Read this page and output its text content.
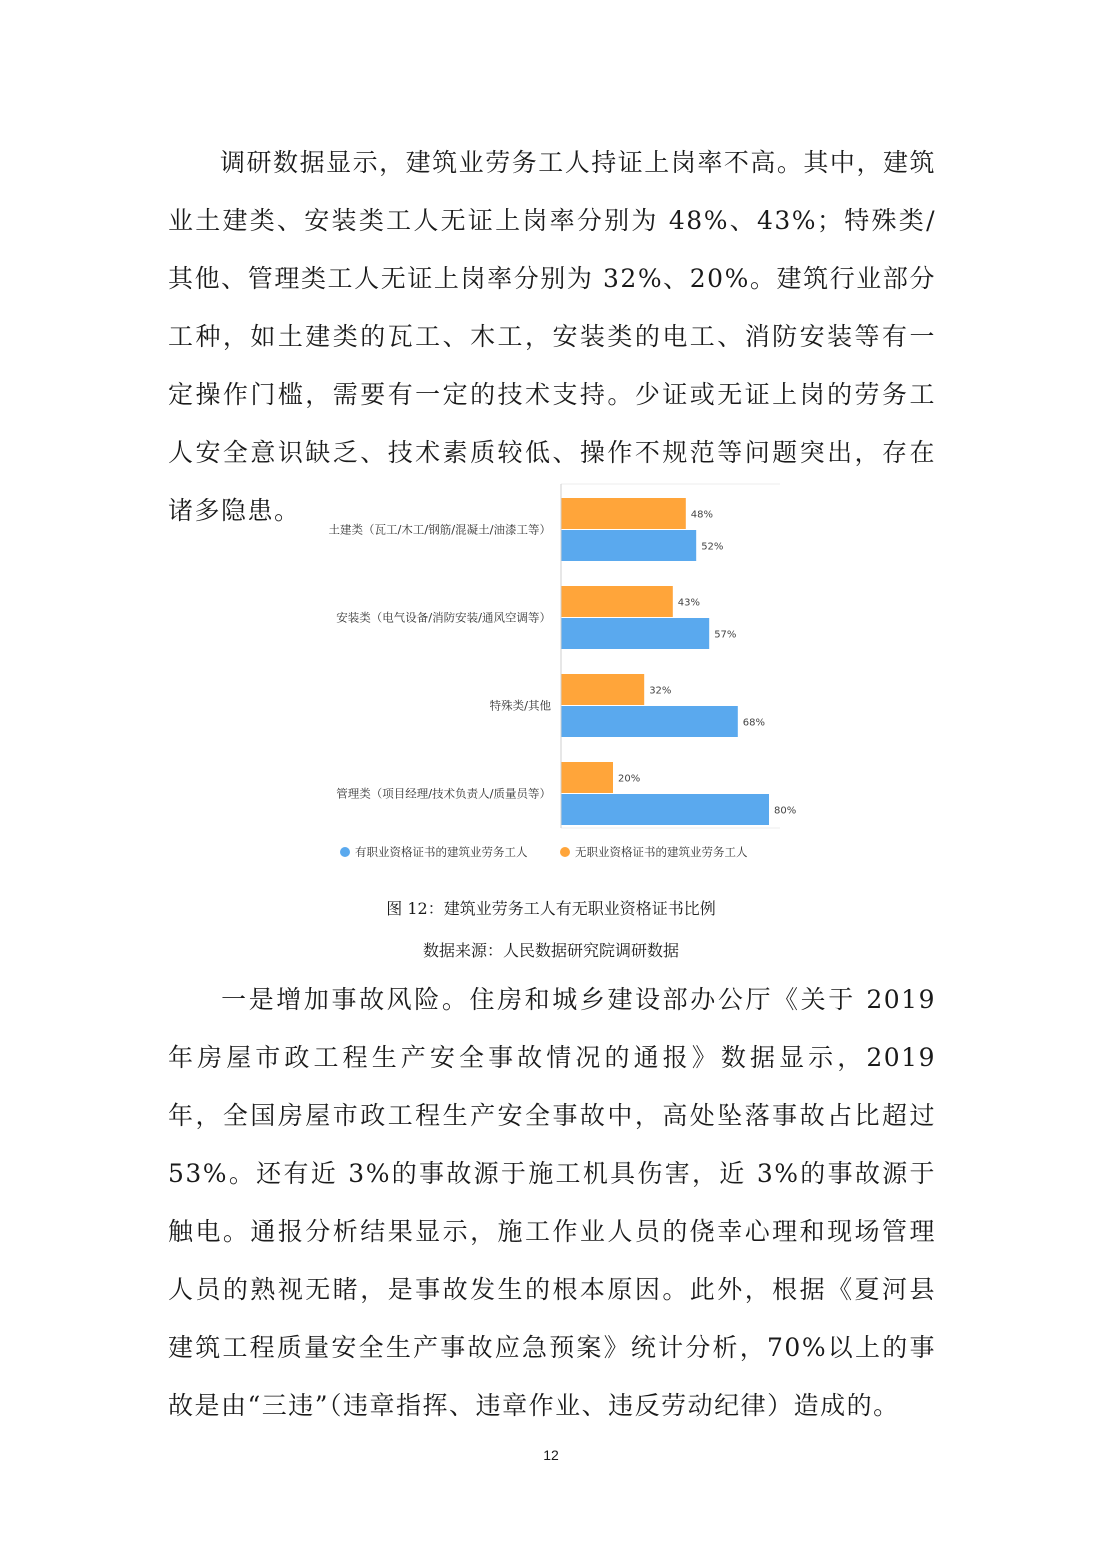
调研数据显示，建筑业劳务工人持证上岗率不高。其中，建筑业土建类、安装类工人无证上岗率分别为 48%、43%；特殊类/其他、管理类工人无证上岗率分别为 32%、20%。建筑行业部分工种，如土建类的瓦工、木工，安装类的电工、消防安装等有一定操作门槛，需要有一定的技术支持。少证或无证上岗的劳务工人安全意识缺乏、技术素质较低、操作不规范等问题突出，存在诸多隐患。

土建类（瓦工/木工/钢筋/混凝土/油漆工等）
48%
52%
安装类（电气设备/消防安装/通风空调等）
43%
57%
特殊类/其他
32%
68%
管理类（项目经理/技术负责人/质量员等）
20%
80%
有职业资格证书的建筑业劳务工人	无职业资格证书的建筑业劳务工人
图 12：建筑业劳务工人有无职业资格证书比例
数据来源：人民数据研究院调研数据

一是增加事故风险。住房和城乡建设部办公厅《关于 2019 年房屋市政工程生产安全事故情况的通报》数据显示，2019 年，全国房屋市政工程生产安全事故中，高处坠落事故占比超过 53%。还有近 3%的事故源于施工机具伤害，近 3%的事故源于触电。通报分析结果显示，施工作业人员的侥幸心理和现场管理人员的熟视无睹，是事故发生的根本原因。此外，根据《夏河县建筑工程质量安全生产事故应急预案》统计分析，70%以上的事故是由“三违”（违章指挥、违章作业、违反劳动纪律）造成的。

12
